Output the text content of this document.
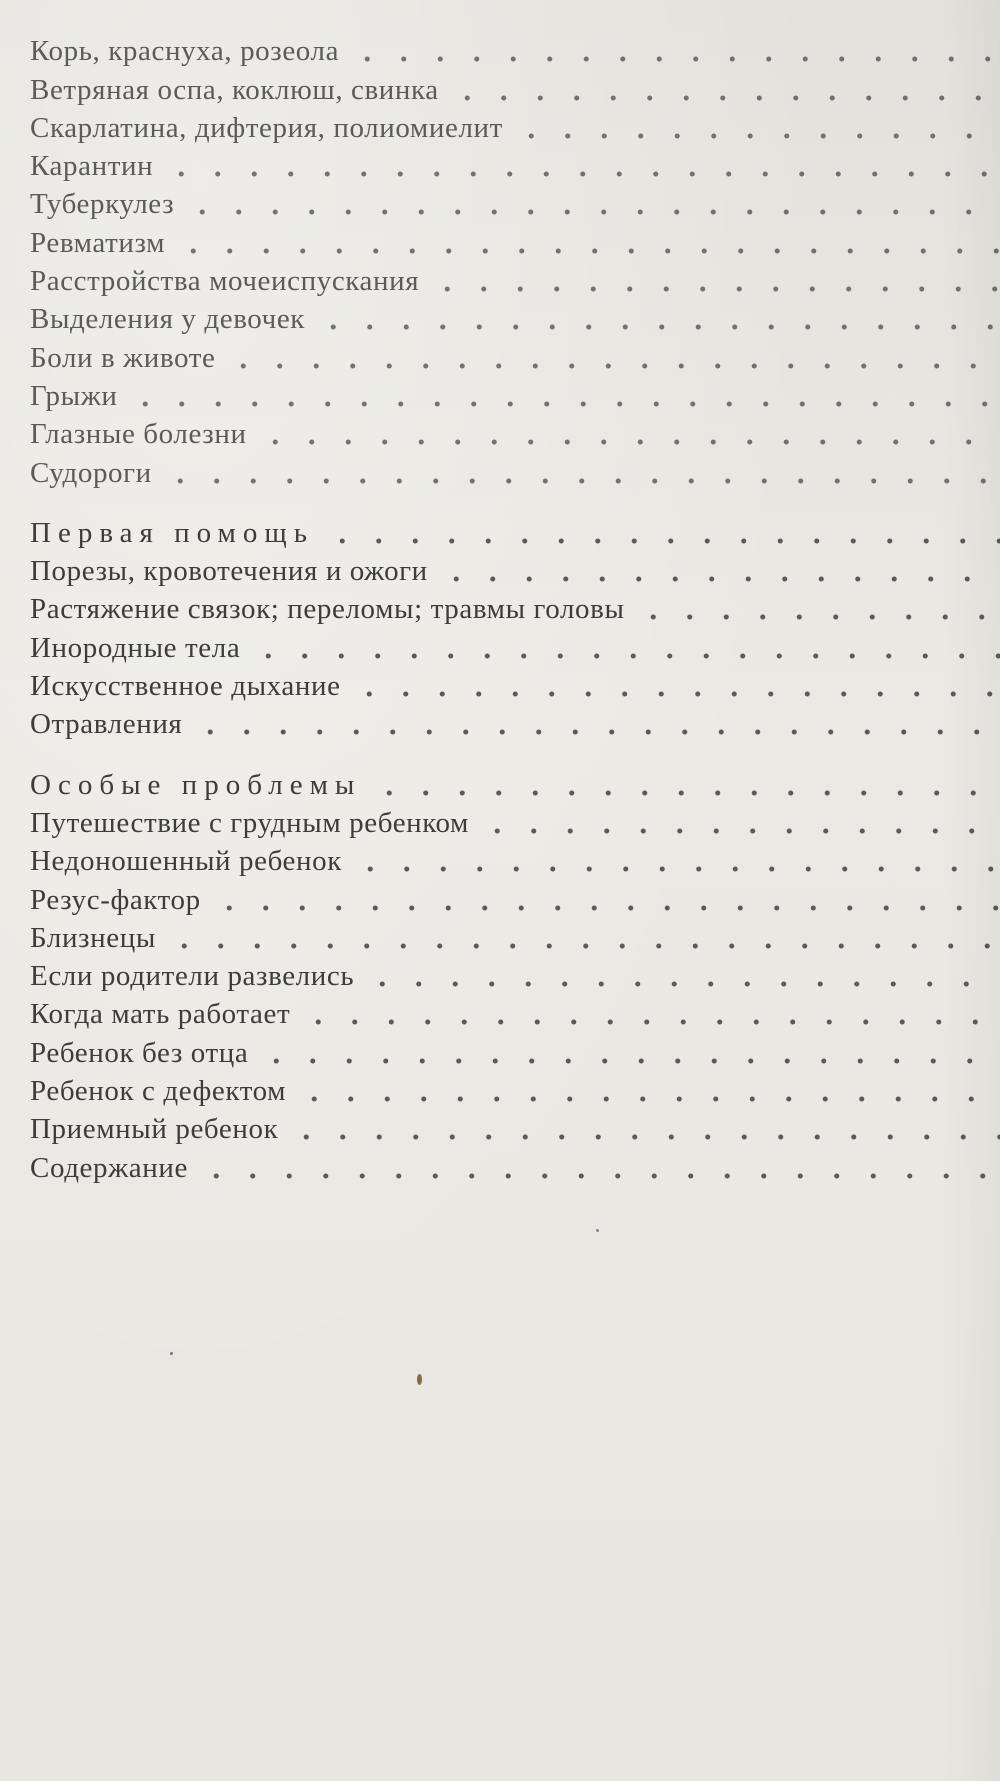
Корь, краснуха, розеола
Ветряная оспа, коклюш, свинка
Скарлатина, дифтерия, полиомиелит
Карантин
Туберкулез
Ревматизм
Расстройства мочеиспускания
Выделения у девочек
Боли в животе
Грыжи
Глазные болезни
Судороги
Первая помощь
Порезы, кровотечения и ожоги
Растяжение связок; переломы; травмы головы
Инородные тела
Искусственное дыхание
Отравления
Особые проблемы
Путешествие с грудным ребенком
Недоношенный ребенок
Резус-фактор
Близнецы
Если родители развелись
Когда мать работает
Ребенок без отца
Ребенок с дефектом
Приемный ребенок
Содержание
